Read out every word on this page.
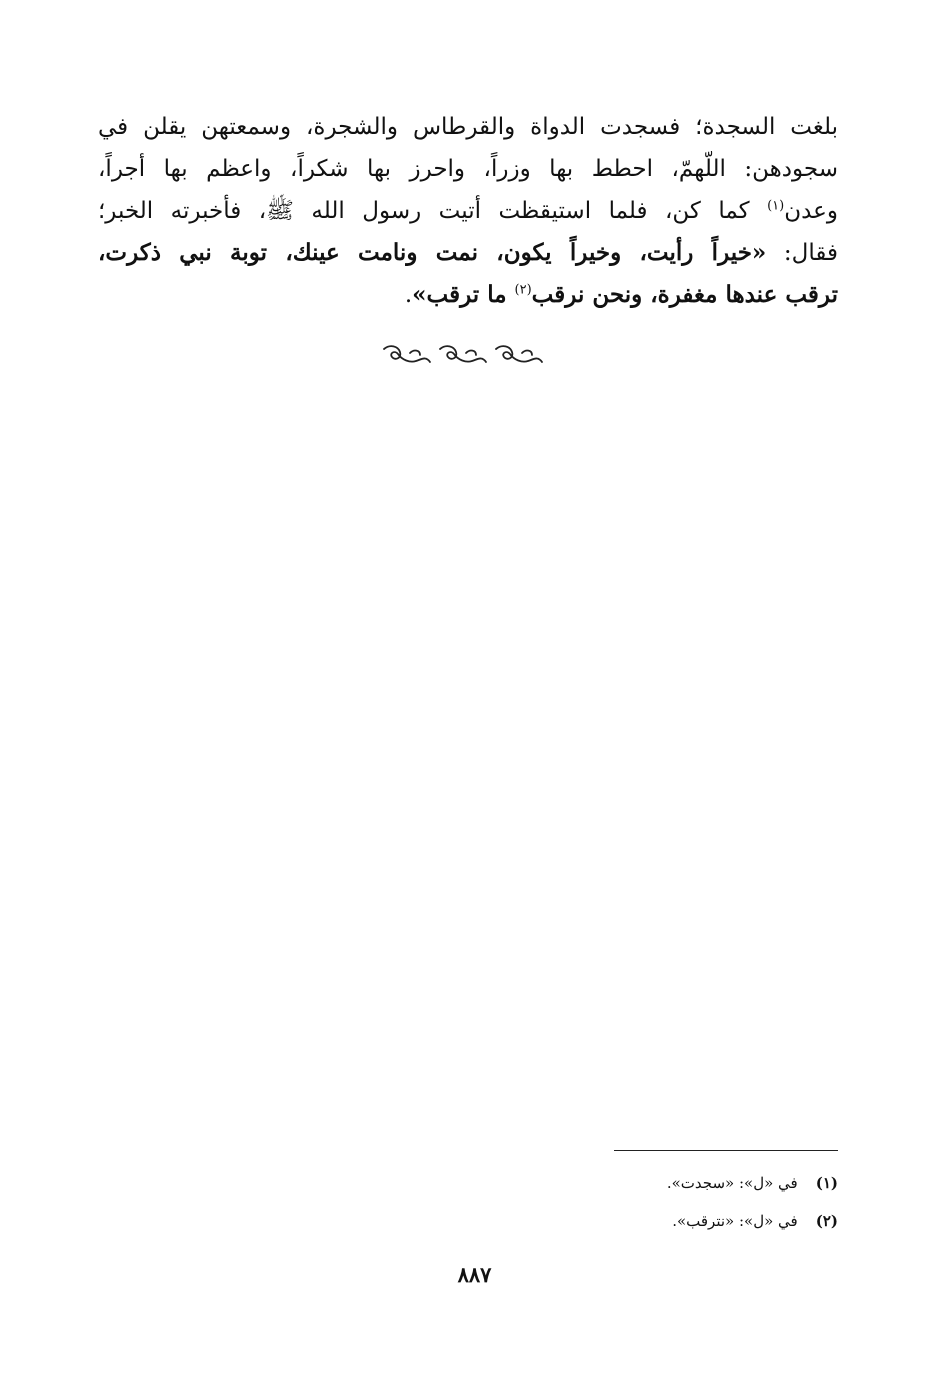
بلغت السجدة؛ فسجدت الدواة والقرطاس والشجرة، وسمعتهن يقلن في
سجودهن: اللّهمّ، احطط بها وزراً، واحرز بها شكراً، واعظم بها أجراً،
وعدن$^{(١)}$ كما كن، فلما استيقظت أتيت رسول الله ﷺ، فأخبرته الخبر؛
فقال: «خيراً رأيت، وخيراً يكون، نمت ونامت عينك، توبة نبي ذكرت،
ترقب عندها مغفرة، ونحن نرقب$^{(٢)}$ ما ترقب».
(١)في «ل»: «سجدت».
(٢)في «ل»: «نترقب».
٨٨٧
